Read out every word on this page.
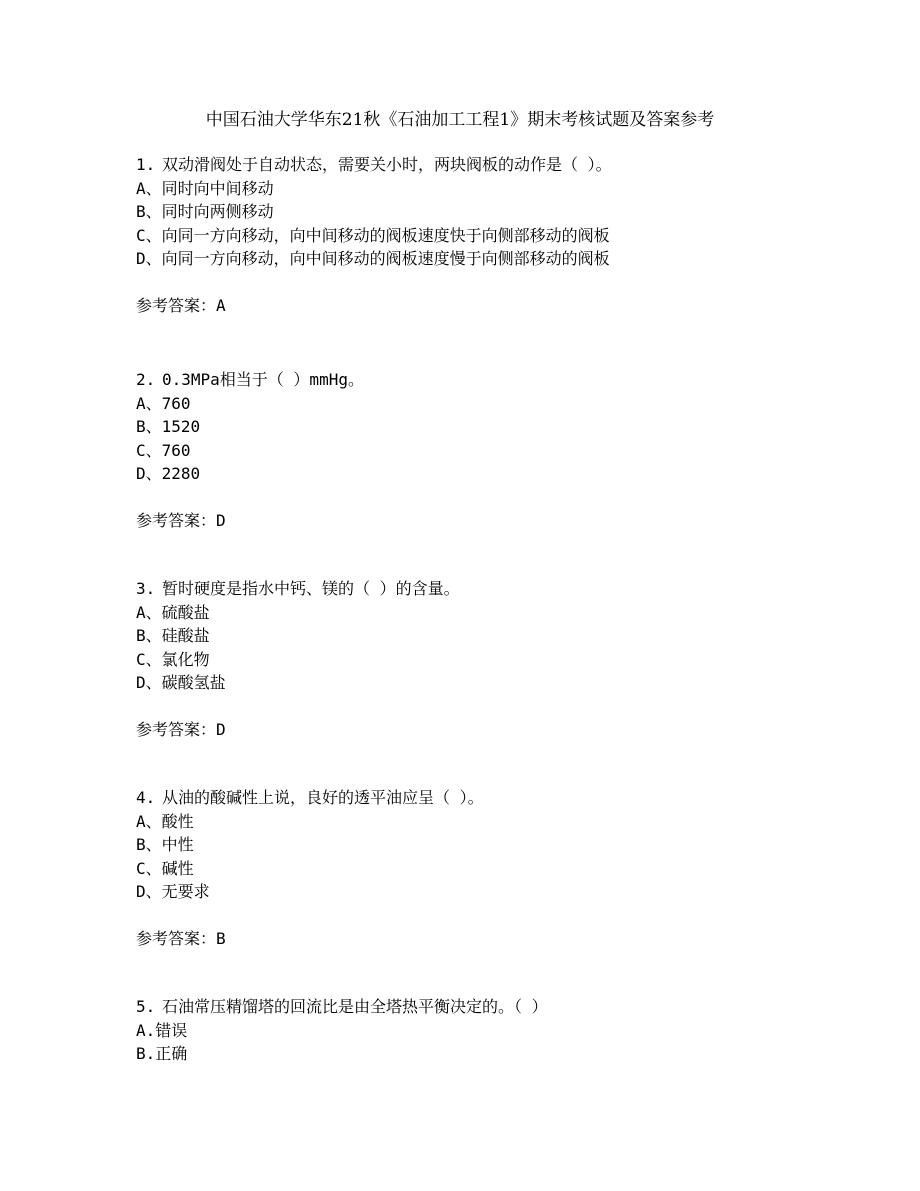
中国石油大学华东21秋《石油加工工程1》期末考核试题及答案参考
1. 双动滑阀处于自动状态，需要关小时，两块阀板的动作是（ ）。
A、同时向中间移动
B、同时向两侧移动
C、向同一方向移动，向中间移动的阀板速度快于向侧部移动的阀板
D、向同一方向移动，向中间移动的阀板速度慢于向侧部移动的阀板
参考答案：A
2. 0.3MPa相当于（ ）mmHg。
A、760
B、1520
C、760
D、2280
参考答案：D
3. 暂时硬度是指水中钙、镁的（ ）的含量。
A、硫酸盐
B、硅酸盐
C、氯化物
D、碳酸氢盐
参考答案：D
4. 从油的酸碱性上说，良好的透平油应呈（ ）。
A、酸性
B、中性
C、碱性
D、无要求
参考答案：B
5. 石油常压精馏塔的回流比是由全塔热平衡决定的。（ ）
A.错误
B.正确
